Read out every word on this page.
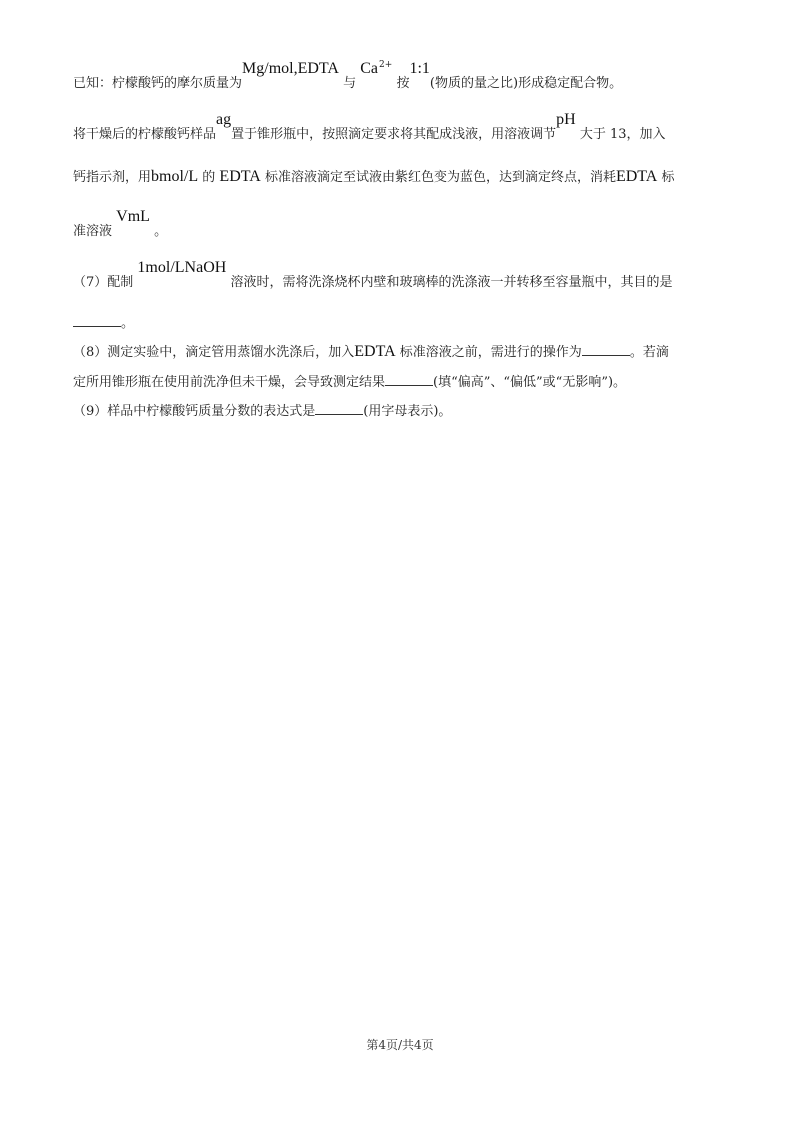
已知：柠檬酸钙的摩尔质量为Mg/mol,EDTA 与 $Ca^{2+}$ 按1:1(物质的量之比)形成稳定配合物。
将干燥后的柠檬酸钙样品ag置于锥形瓶中，按照滴定要求将其配成浅液，用溶液调节pH 大于 13，加入
钙指示剂，用bmol/L 的 EDTA 标准溶液滴定至试液由紫红色变为蓝色，达到滴定终点，消耗EDTA 标
准溶液 VmL 。
（7）配制 1mol/LNaOH 溶液时，需将洗涤烧杯内壁和玻璃棒的洗涤液一并转移至容量瓶中，其目的是
。
（8）测定实验中，滴定管用蒸馏水洗涤后，加入EDTA 标准溶液之前，需进行的操作为	。若滴
定所用锥形瓶在使用前洗净但未干燥，会导致测定结果	(填“偏高”、“偏低”或“无影响”)。
（9）样品中柠檬酸钙质量分数的表达式是	(用字母表示)。
第4页/共4页
